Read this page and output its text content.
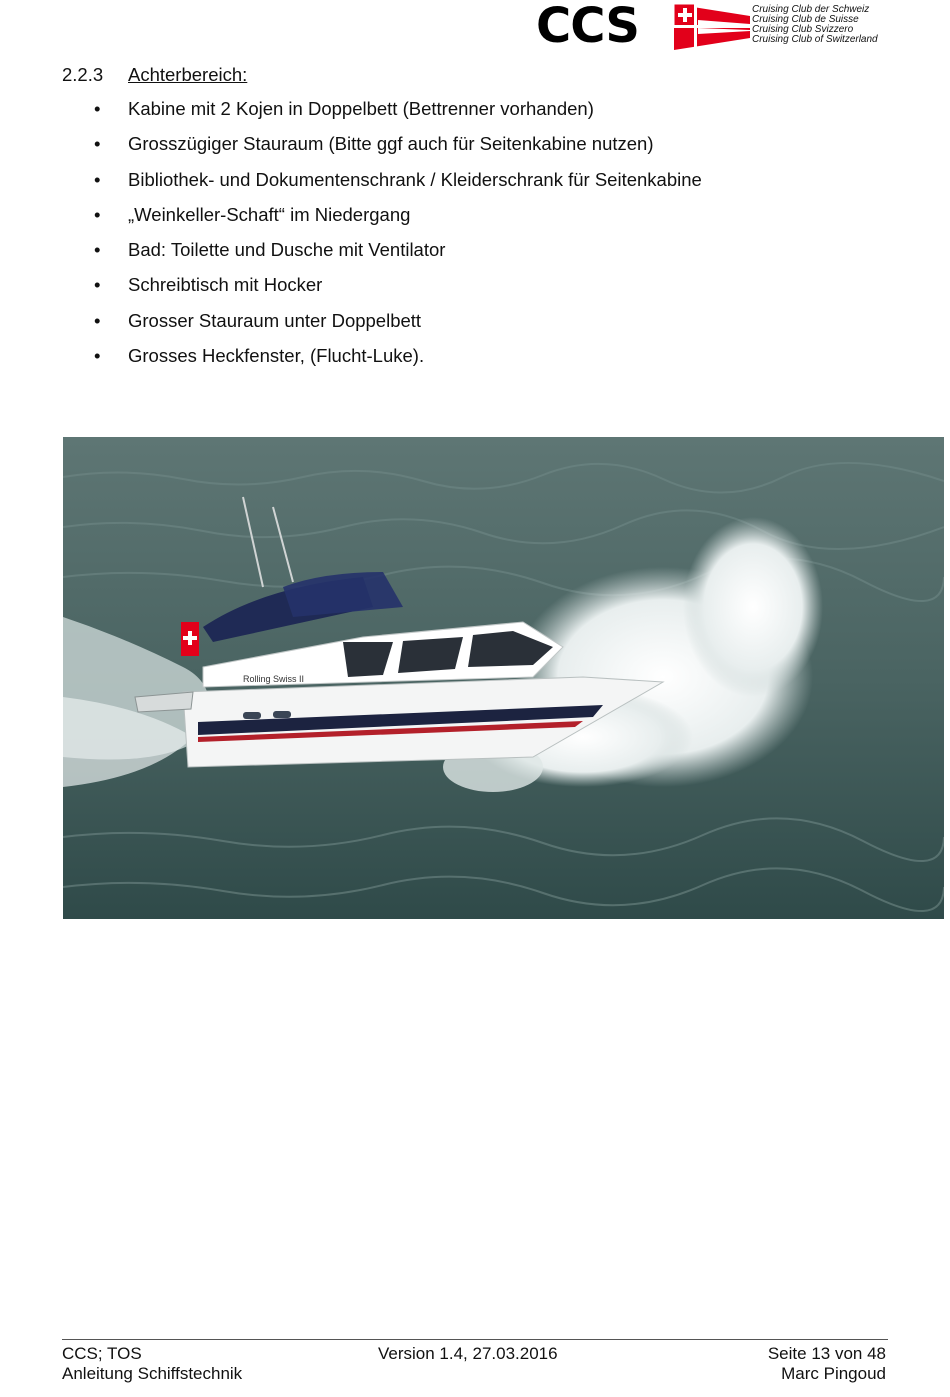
CCS	Cruising Club der Schweiz
Cruising Club de Suisse
Cruising Club Svizzero
Cruising Club of Switzerland
2.2.3 Achterbereich:
• Kabine mit 2 Kojen in Doppelbett (Bettrenner vorhanden)
• Grosszügiger Stauraum (Bitte ggf auch für Seitenkabine nutzen)
• Bibliothek- und Dokumentenschrank / Kleiderschrank für Seitenkabine
• „Weinkeller-Schaft“ im Niedergang
• Bad: Toilette und Dusche mit Ventilator
• Schreibtisch mit Hocker
• Grosser Stauraum unter Doppelbett
• Grosses Heckfenster, (Flucht-Luke).
Rolling Swiss II
CCS; TOS
Anleitung Schiffstechnik
Version 1.4, 27.03.2016	Seite 13 von 48
Marc Pingoud
